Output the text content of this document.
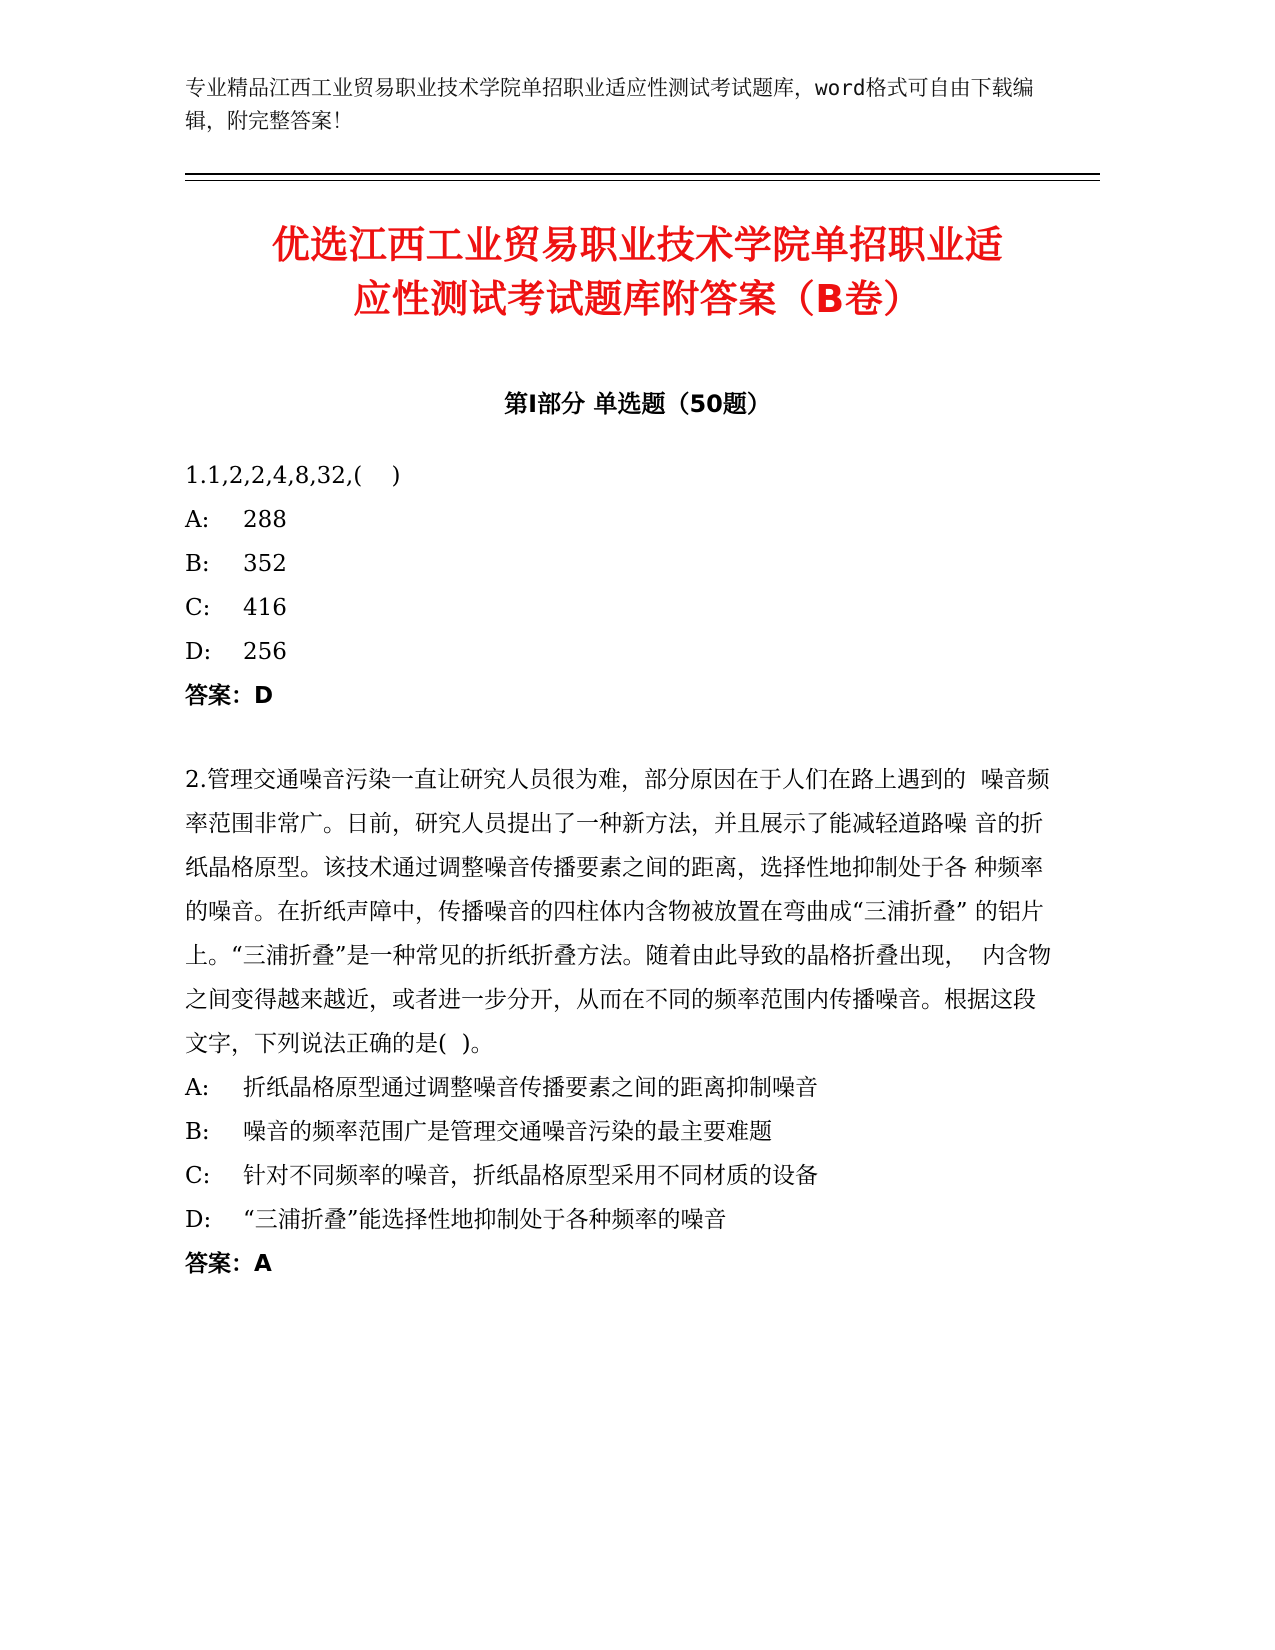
专业精品江西工业贸易职业技术学院单招职业适应性测试考试题库，word格式可自由下载编辑，附完整答案！
优选江西工业贸易职业技术学院单招职业适
应性测试考试题库附答案（B卷）
第Ⅰ部分 单选题（50题）
1.1,2,2,4,8,32,(    )
A:	288
B:	352
C:	416
D:	256
答案：D
2.管理交通噪音污染一直让研究人员很为难，部分原因在于人们在路上遇到的  噪音频率范围非常广。日前，研究人员提出了一种新方法，并且展示了能减轻道路噪 音的折纸晶格原型。该技术通过调整噪音传播要素之间的距离，选择性地抑制处于各 种频率的噪音。在折纸声障中，传播噪音的四柱体内含物被放置在弯曲成“三浦折叠” 的铝片上。“三浦折叠”是一种常见的折纸折叠方法。随着由此导致的晶格折叠出现，  内含物之间变得越来越近，或者进一步分开，从而在不同的频率范围内传播噪音。根据这段文字，下列说法正确的是(  )。
A:	折纸晶格原型通过调整噪音传播要素之间的距离抑制噪音
B:	噪音的频率范围广是管理交通噪音污染的最主要难题
C:	针对不同频率的噪音，折纸晶格原型采用不同材质的设备
D:	“三浦折叠”能选择性地抑制处于各种频率的噪音
答案：A
